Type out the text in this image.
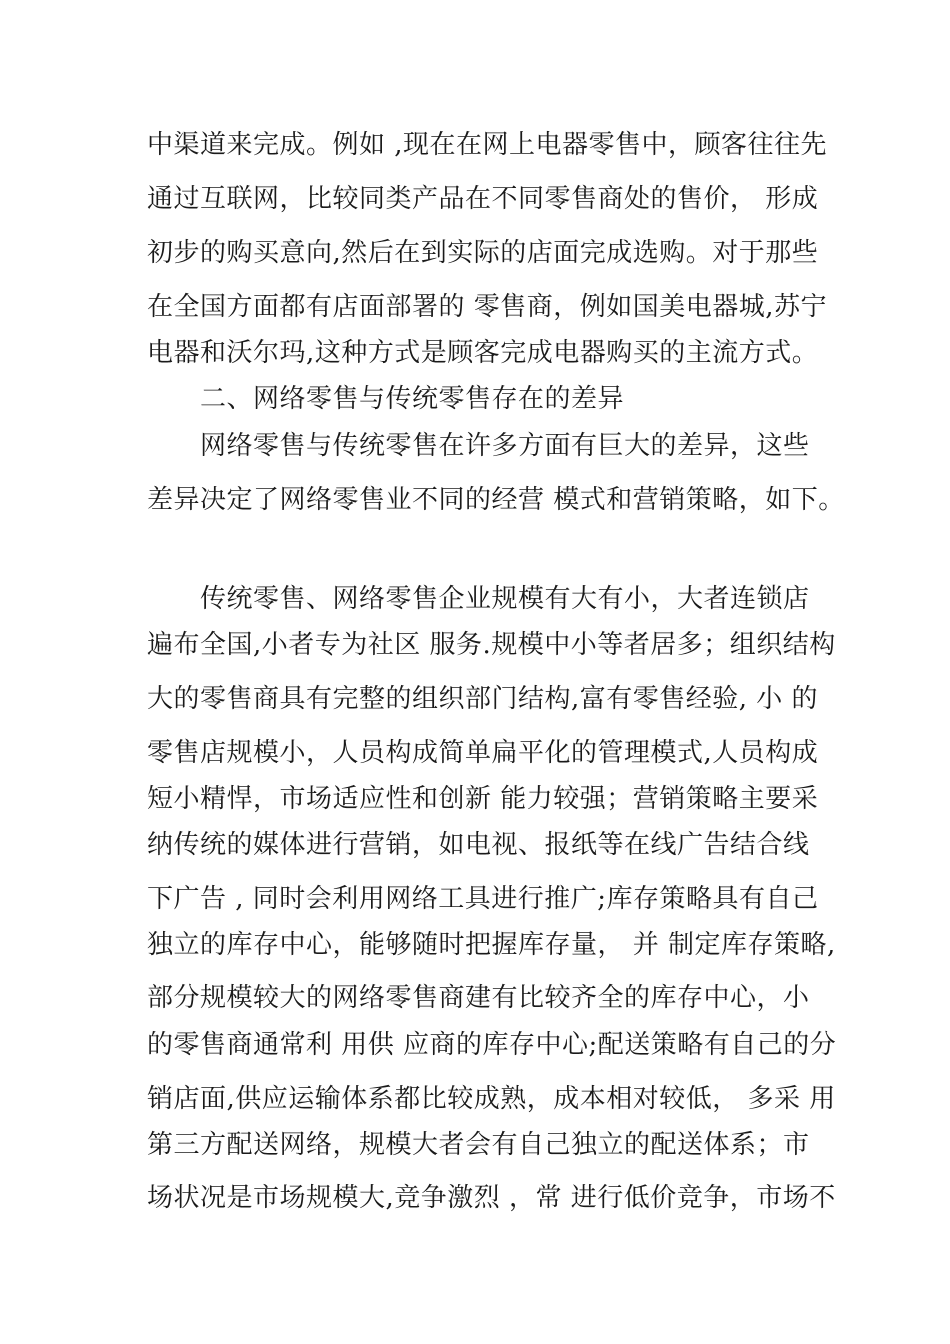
中渠道来完成。例如 ,现在在网上电器零售中，顾客往往先
通过互联网，比较同类产品在不同零售商处的售价， 形成
初步的购买意向,然后在到实际的店面完成选购。对于那些
在全国方面都有店面部署的 零售商，例如国美电器城,苏宁
电器和沃尔玛,这种方式是顾客完成电器购买的主流方式。
二、网络零售与传统零售存在的差异
网络零售与传统零售在许多方面有巨大的差异，这些
差异决定了网络零售业不同的经营 模式和营销策略，如下。
传统零售、网络零售企业规模有大有小，大者连锁店
遍布全国,小者专为社区 服务.规模中小等者居多；组织结构
大的零售商具有完整的组织部门结构,富有零售经验, 小 的
零售店规模小，人员构成简单扁平化的管理模式,人员构成
短小精悍，市场适应性和创新 能力较强；营销策略主要采
纳传统的媒体进行营销，如电视、报纸等在线广告结合线
下广告 , 同时会利用网络工具进行推广;库存策略具有自己
独立的库存中心，能够随时把握库存量， 并 制定库存策略,
部分规模较大的网络零售商建有比较齐全的库存中心，小
的零售商通常利 用供 应商的库存中心;配送策略有自己的分
销店面,供应运输体系都比较成熟，成本相对较低， 多采 用
第三方配送网络，规模大者会有自己独立的配送体系；市
场状况是市场规模大,竞争激烈 ，常 进行低价竞争，市场不
